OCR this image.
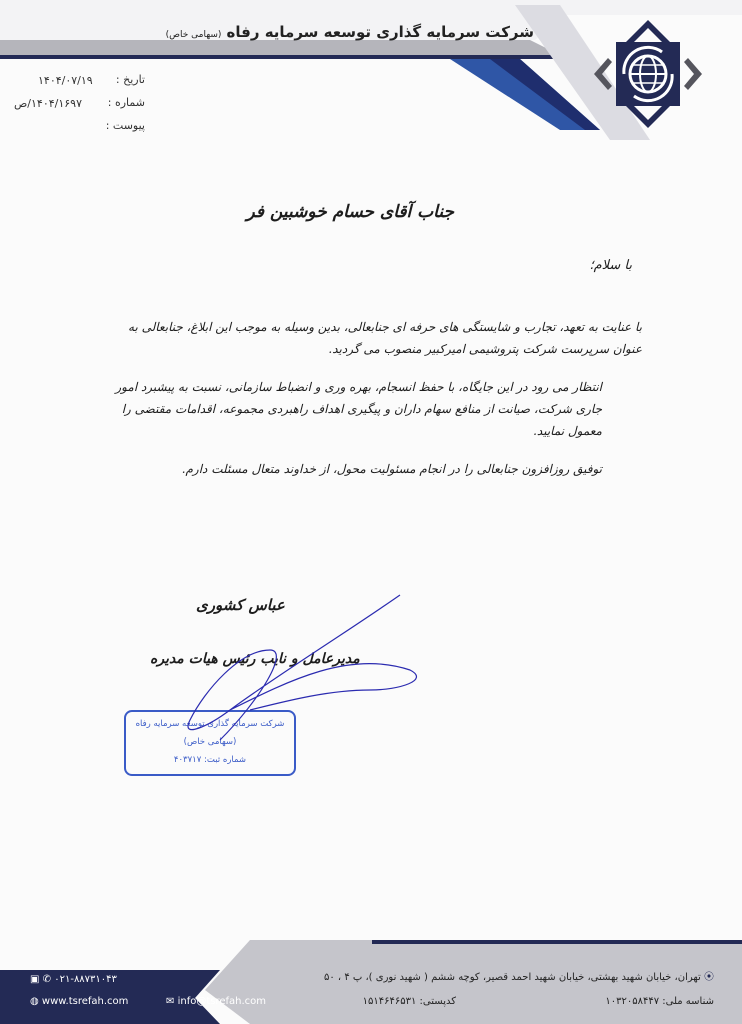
شرکت سرمایه گذاری توسعه سرمایه رفاه (سهامی خاص)
تاریخ :
۱۴۰۴/۰۷/۱۹
شماره :
۱۴۰۴/۱۶۹۷/ص
پیوست :
جناب آقای حسام خوشبین فر
با سلام؛
با عنایت به تعهد، تجارب و شایستگی های حرفه ای جنابعالی، بدین وسیله به موجب این ابلاغ، جنابعالی به عنوان سرپرست شرکت پتروشیمی امیرکبیر منصوب می گردید.
انتظار می رود در این جایگاه، با حفظ انسجام، بهره وری و انضباط سازمانی، نسبت به پیشبرد امور جاری شرکت، صیانت از منافع سهام داران و پیگیری اهداف راهبردی مجموعه، اقدامات مقتضی را معمول نمایید.
توفیق روزافزون جنابعالی را در انجام مسئولیت محول، از خداوند متعال مسئلت دارم.
عباس کشوری
مدیرعامل و نایب رئیس هیات مدیره
شرکت سرمایه گذاری توسعه سرمایه رفاه
(سهامی خاص)
شماره ثبت: ۴۰۳۷۱۷
⦿ تهران، خیابان شهید بهشتی، خیابان شهید احمد قصیر، کوچه ششم ( شهید نوری )، پ ۴ ، ۵۰
شناسه ملی: ۱۰۳۲۰۵۸۴۴۷
کدپستی: ۱۵۱۴۶۴۶۵۳۱
▣ ✆ ۰۲۱-۸۸۷۳۱۰۴۳
◍ www.tsrefah.com	✉ info@tsrefah.com
